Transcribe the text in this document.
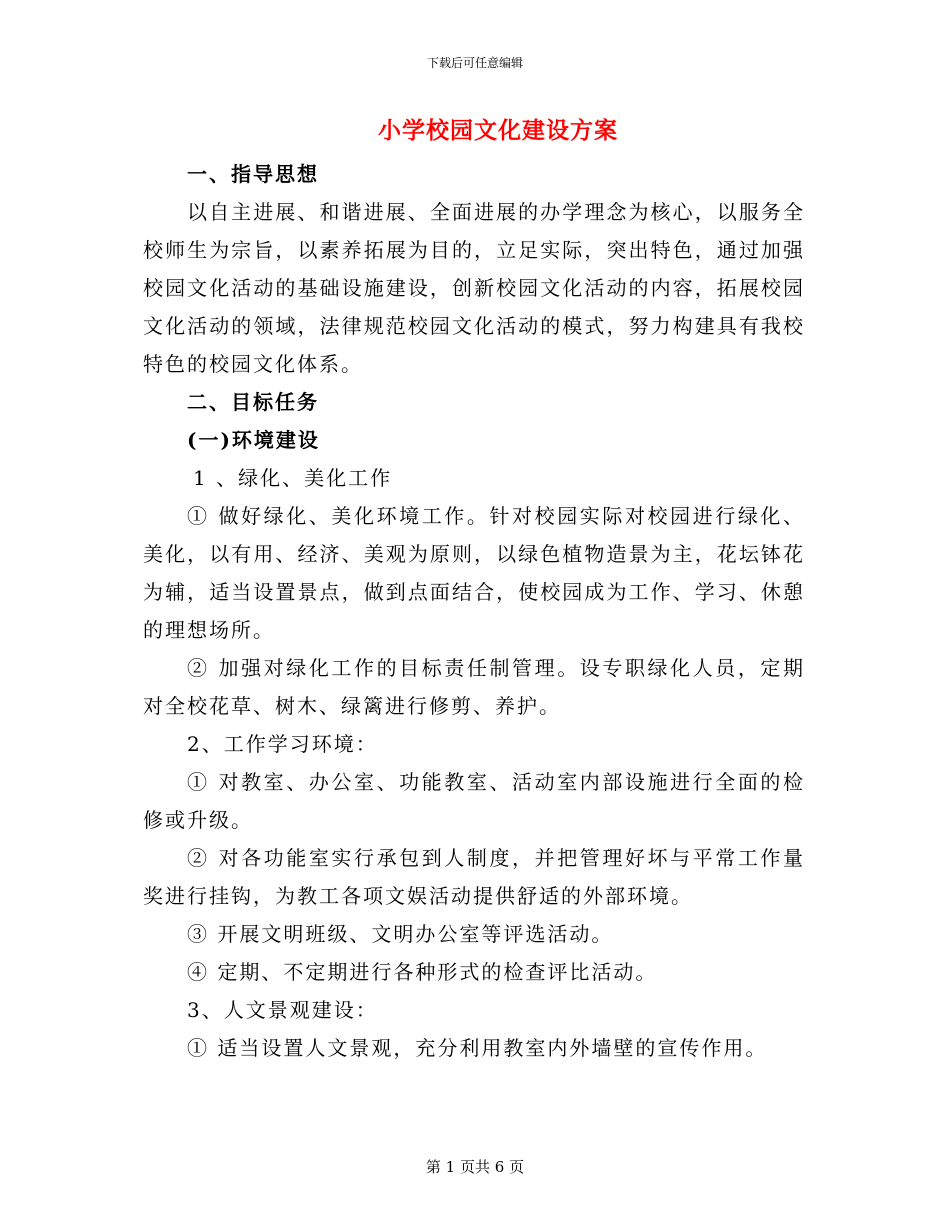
下载后可任意编辑
小学校园文化建设方案

一、指导思想

以自主进展、和谐进展、全面进展的办学理念为核心，以服务全校师生为宗旨，以素养拓展为目的，立足实际，突出特色，通过加强校园文化活动的基础设施建设，创新校园文化活动的内容，拓展校园文化活动的领域，法律规范校园文化活动的模式，努力构建具有我校特色的校园文化体系。

二、目标任务

(一)环境建设

1 、绿化、美化工作

① 做好绿化、美化环境工作。针对校园实际对校园进行绿化、美化，以有用、经济、美观为原则，以绿色植物造景为主，花坛钵花为辅，适当设置景点，做到点面结合，使校园成为工作、学习、休憩的理想场所。

② 加强对绿化工作的目标责任制管理。设专职绿化人员，定期对全校花草、树木、绿篱进行修剪、养护。

2、工作学习环境：

① 对教室、办公室、功能教室、活动室内部设施进行全面的检修或升级。

② 对各功能室实行承包到人制度，并把管理好坏与平常工作量奖进行挂钩，为教工各项文娱活动提供舒适的外部环境。

③ 开展文明班级、文明办公室等评选活动。

④ 定期、不定期进行各种形式的检查评比活动。

3、人文景观建设：

① 适当设置人文景观，充分利用教室内外墙壁的宣传作用。

第 1 页共 6 页
